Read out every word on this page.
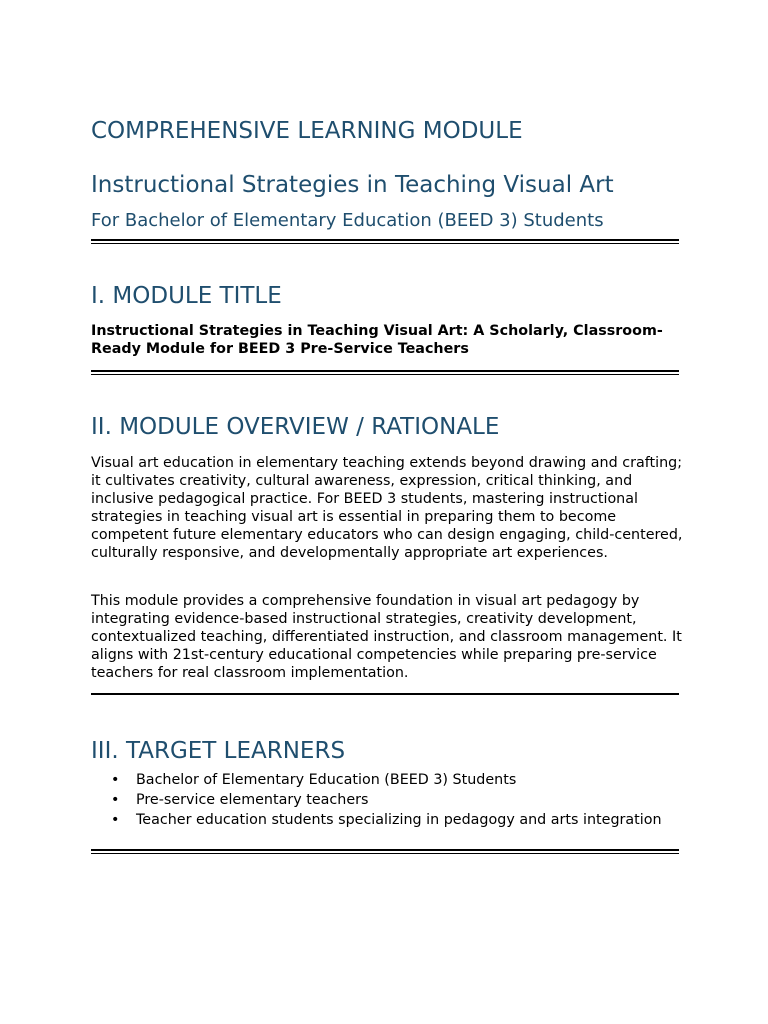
COMPREHENSIVE LEARNING MODULE
Instructional Strategies in Teaching Visual Art
For Bachelor of Elementary Education (BEED 3) Students
I. MODULE TITLE

Instructional Strategies in Teaching Visual Art: A Scholarly, Classroom-Ready Module for BEED 3 Pre-Service Teachers

II. MODULE OVERVIEW / RATIONALE

Visual art education in elementary teaching extends beyond drawing and crafting; it cultivates creativity, cultural awareness, expression, critical thinking, and inclusive pedagogical practice. For BEED 3 students, mastering instructional strategies in teaching visual art is essential in preparing them to become competent future elementary educators who can design engaging, child-centered, culturally responsive, and developmentally appropriate art experiences.

This module provides a comprehensive foundation in visual art pedagogy by integrating evidence-based instructional strategies, creativity development, contextualized teaching, differentiated instruction, and classroom management. It aligns with 21st-century educational competencies while preparing pre-service teachers for real classroom implementation.

III. TARGET LEARNERS
• Bachelor of Elementary Education (BEED 3) Students
• Pre-service elementary teachers
• Teacher education students specializing in pedagogy and arts integration
